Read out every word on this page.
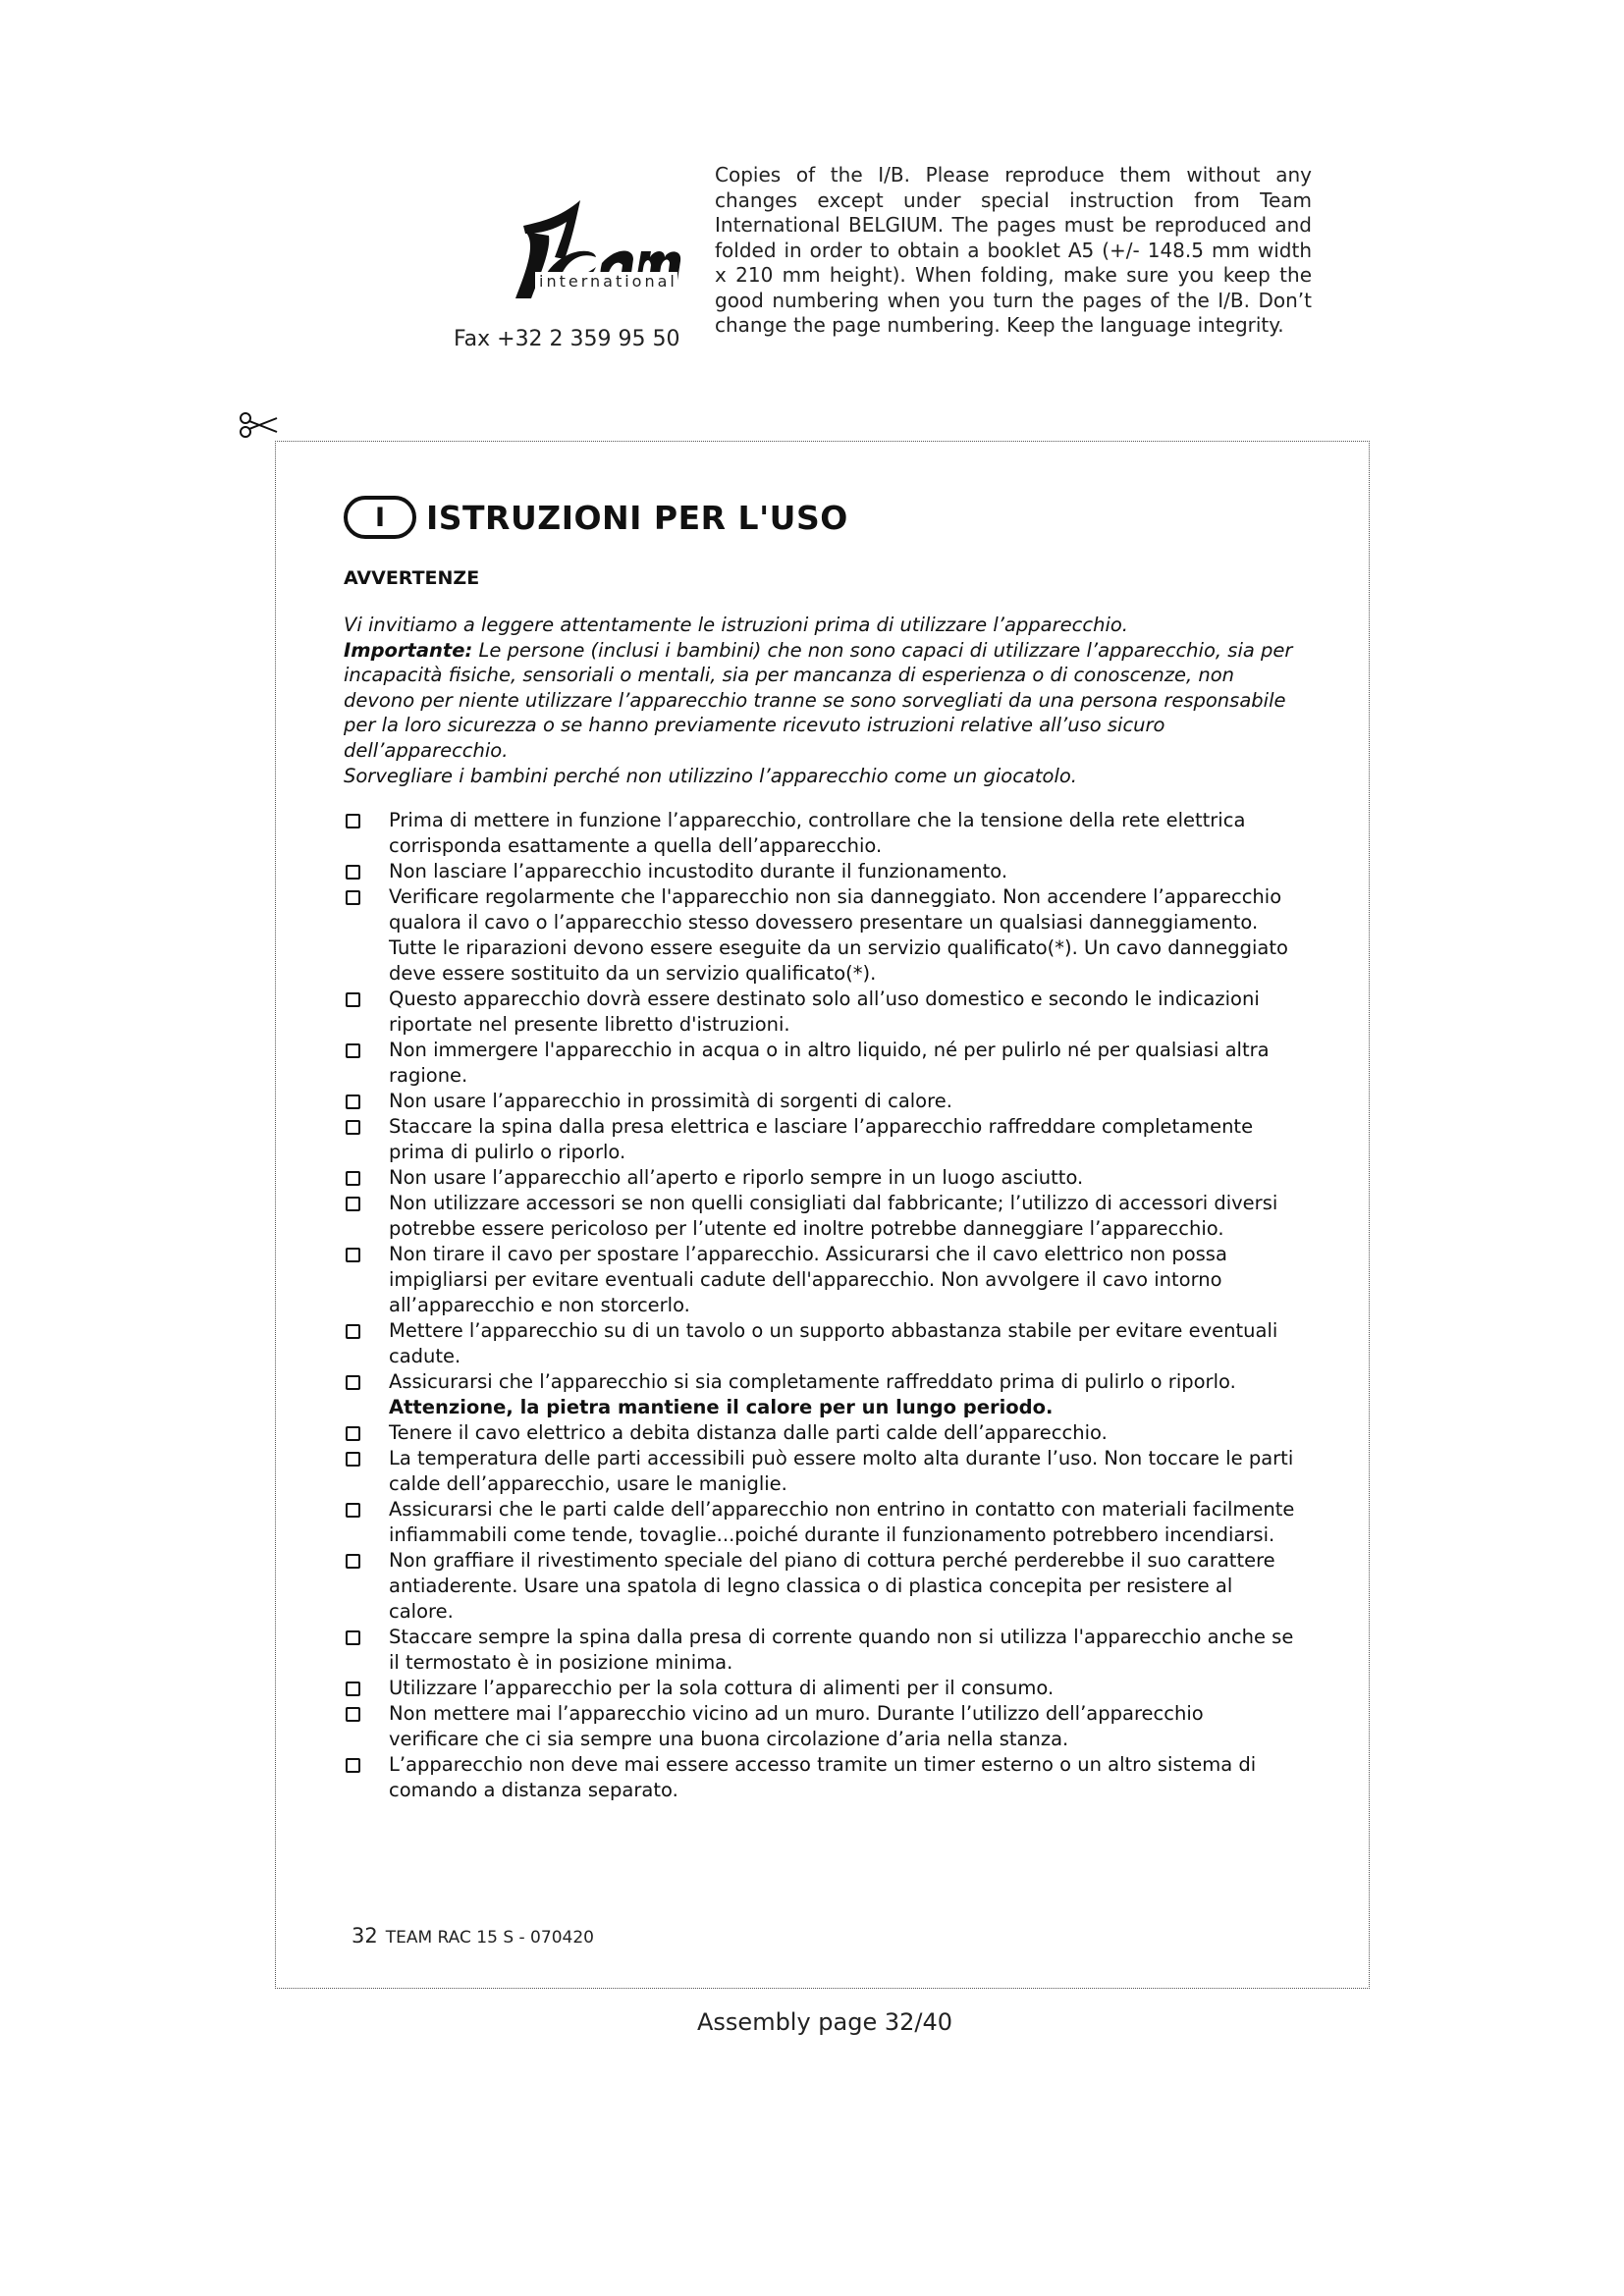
international
Fax +32 2 359 95 50
Copies of the I/B. Please reproduce them without any changes except under special instruction from Team International BELGIUM. The pages must be reproduced and folded in order to obtain a booklet A5 (+/- 148.5 mm width x 210 mm height). When folding, make sure you keep the good numbering when you turn the pages of the I/B. Don’t change the page numbering. Keep the language integrity.
I	ISTRUZIONI PER L'USO
AVVERTENZE

Vi invitiamo a leggere attentamente le istruzioni prima di utilizzare l’apparecchio.

Importante: Le persone (inclusi i bambini) che non sono capaci di utilizzare l’apparecchio, sia per incapacità fisiche, sensoriali o mentali, sia per mancanza di esperienza o di conoscenze, non devono per niente utilizzare l’apparecchio tranne se sono sorvegliati da una persona responsabile per la loro sicurezza o se hanno previamente ricevuto istruzioni relative all’uso sicuro dell’apparecchio.

Sorvegliare i bambini perché non utilizzino l’apparecchio come un giocatolo.

Prima di mettere in funzione l’apparecchio, controllare che la tensione della rete elettrica corrisponda esattamente a quella dell’apparecchio.
Non lasciare l’apparecchio incustodito durante il funzionamento.
Verificare regolarmente che l'apparecchio non sia danneggiato. Non accendere l’apparecchio qualora il cavo o l’apparecchio stesso dovessero presentare un qualsiasi danneggiamento. Tutte le riparazioni devono essere eseguite da un servizio qualificato(*). Un cavo danneggiato deve essere sostituito da un servizio qualificato(*).
Questo apparecchio dovrà essere destinato solo all’uso domestico e secondo le indicazioni riportate nel presente libretto d'istruzioni.
Non immergere l'apparecchio in acqua o in altro liquido, né per pulirlo né per qualsiasi altra ragione.
Non usare l’apparecchio in prossimità di sorgenti di calore.
Staccare la spina dalla presa elettrica e lasciare l’apparecchio raffreddare completamente prima di pulirlo o riporlo.
Non usare l’apparecchio all’aperto e riporlo sempre in un luogo asciutto.
Non utilizzare accessori se non quelli consigliati dal fabbricante; l’utilizzo di accessori diversi potrebbe essere pericoloso per l’utente ed inoltre potrebbe danneggiare l’apparecchio.
Non tirare il cavo per spostare l’apparecchio. Assicurarsi che il cavo elettrico non possa impigliarsi per evitare eventuali cadute dell'apparecchio. Non avvolgere il cavo intorno all’apparecchio e non storcerlo.
Mettere l’apparecchio su di un tavolo o un supporto abbastanza stabile per evitare eventuali cadute.
Assicurarsi che l’apparecchio si sia completamente raffreddato prima di pulirlo o riporlo.
Attenzione, la pietra mantiene il calore per un lungo periodo.
Tenere il cavo elettrico a debita distanza dalle parti calde dell’apparecchio.
La temperatura delle parti accessibili può essere molto alta durante l’uso. Non toccare le parti calde dell’apparecchio, usare le maniglie.
Assicurarsi che le parti calde dell’apparecchio non entrino in contatto con materiali facilmente infiammabili come tende, tovaglie...poiché durante il funzionamento potrebbero incendiarsi.
Non graffiare il rivestimento speciale del piano di cottura perché perderebbe il suo carattere antiaderente. Usare una spatola di legno classica o di plastica concepita per resistere al calore.
Staccare sempre la spina dalla presa di corrente quando non si utilizza l'apparecchio anche se il termostato è in posizione minima.
Utilizzare l’apparecchio per la sola cottura di alimenti per il consumo.
Non mettere mai l’apparecchio vicino ad un muro. Durante l’utilizzo dell’apparecchio verificare che ci sia sempre una buona circolazione d’aria nella stanza.
L’apparecchio non deve mai essere accesso tramite un timer esterno o un altro sistema di comando a distanza separato.
32 TEAM RAC 15 S - 070420
Assembly page 32/40
